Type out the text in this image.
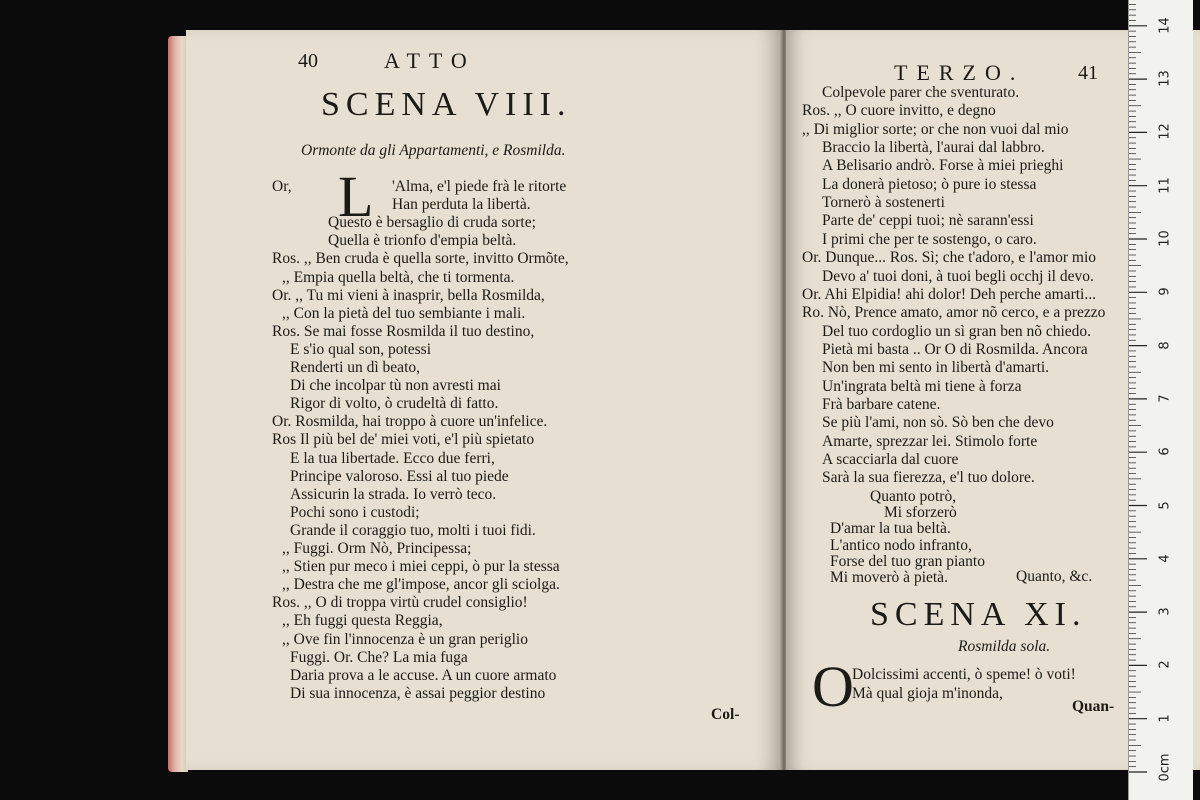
40	ATTO
SCENA VIII.
Ormonte da gli Appartamenti, e Rosmilda.
Or, L 'Alma, e'l piede frà le ritorte
Han perduta la libertà.
Questo è bersaglio di cruda sorte;
Quella è trionfo d'empia beltà.
Ros. ,, Ben cruda è quella sorte, invitto Ormõte,
,, Empia quella beltà, che ti tormenta.
Or. ,, Tu mi vieni à inasprir, bella Rosmilda,
,, Con la pietà del tuo sembiante i mali.
Ros. Se mai fosse Rosmilda il tuo destino,
E s'io qual son, potessi
Renderti un dì beato,
Di che incolpar tù non avresti mai
Rigor di volto, ò crudeltà di fatto.
Or. Rosmilda, hai troppo à cuore un'infelice.
Ros Il più bel de' miei voti, e'l più spietato
E la tua libertade. Ecco due ferri,
Principe valoroso. Essi al tuo piede
Assicurin la strada. Io verrò teco.
Pochi sono i custodi;
Grande il coraggio tuo, molti i tuoi fidi.
,, Fuggi. Orm Nò, Principessa;
,, Stien pur meco i miei ceppi, ò pur la stessa
,, Destra che me gl'impose, ancor gli sciolga.
Ros. ,, O di troppa virtù crudel consiglio!
,, Eh fuggi questa Reggia,
,, Ove fin l'innocenza è un gran periglio
Fuggi. Or. Che? La mia fuga
Daria prova a le accuse. A un cuore armato
Di sua innocenza, è assai peggior destino
Col-
TERZO.	41
Colpevole parer che sventurato.
Ros. ,, O cuore invitto, e degno
,, Di miglior sorte; or che non vuoi dal mio
Braccio la libertà, l'aurai dal labbro.
A Belisario andrò. Forse à miei prieghi
La donerà pietoso; ò pure io stessa
Tornerò à sostenerti
Parte de' ceppi tuoi; nè sarann'essi
I primi che per te sostengo, o caro.
Or. Dunque... Ros. Sì; che t'adoro, e l'amor mio
Devo a' tuoi doni, à tuoi begli occhj il devo.
Or. Ahi Elpidia! ahi dolor! Deh perche amarti...
Ro. Nò, Prence amato, amor nõ cerco, e a prezzo
Del tuo cordoglio un sì gran ben nõ chiedo.
Pietà mi basta .. Or O di Rosmilda. Ancora
Non ben mi sento in libertà d'amarti.
Un'ingrata beltà mi tiene à forza
Frà barbare catene.
Se più l'ami, non sò. Sò ben che devo
Amarte, sprezzar lei. Stimolo forte
A scacciarla dal cuore
Sarà la sua fierezza, e'l tuo dolore.
Quanto potrò,
Mi sforzerò
D'amar la tua beltà.
L'antico nodo infranto,
Forse del tuo gran pianto
Mi moverò à pietà.	Quanto, &c.
SCENA XI.
Rosmilda sola.
O
Dolcissimi accenti, ò speme! ò voti!
Mà qual gioja m'inonda,
Quan-
14
13
12
11
10
9
8
7
6
5
4
3
2
1
0cm
